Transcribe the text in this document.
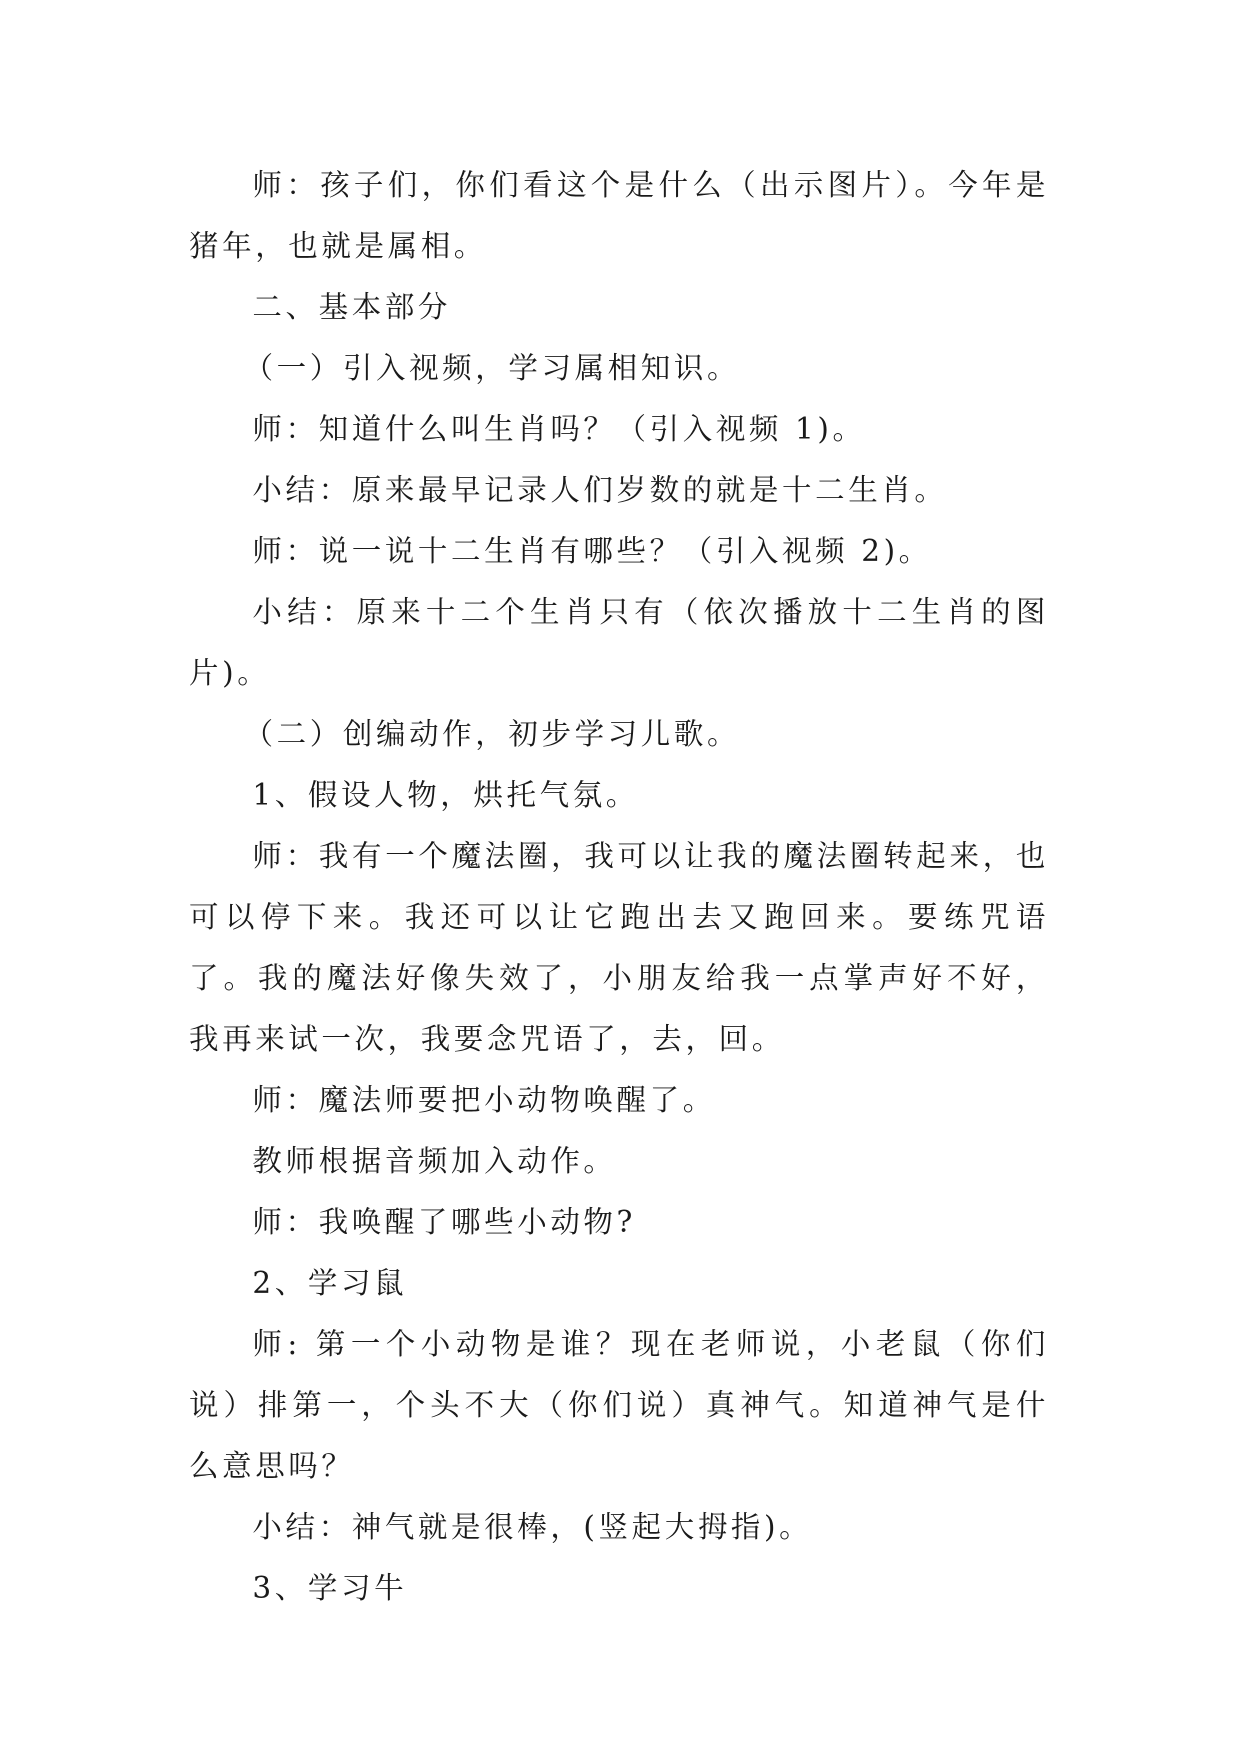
师：孩子们，你们看这个是什么（出示图片）。今年是猪年，也就是属相。

二、基本部分

（一）引入视频，学习属相知识。

师：知道什么叫生肖吗？（引入视频 1)。

小结：原来最早记录人们岁数的就是十二生肖。

师：说一说十二生肖有哪些？（引入视频 2)。

小结：原来十二个生肖只有（依次播放十二生肖的图片)。

（二）创编动作，初步学习儿歌。

1、假设人物，烘托气氛。

师：我有一个魔法圈，我可以让我的魔法圈转起来，也可以停下来。我还可以让它跑出去又跑回来。要练咒语了。我的魔法好像失效了，小朋友给我一点掌声好不好，我再来试一次，我要念咒语了，去，回。

师：魔法师要把小动物唤醒了。

教师根据音频加入动作。

师：我唤醒了哪些小动物?

2、学习鼠

师: 第一个小动物是谁？现在老师说，小老鼠（你们说）排第一，个头不大（你们说）真神气。知道神气是什么意思吗？

小结：神气就是很棒，(竖起大拇指)。

3、学习牛
